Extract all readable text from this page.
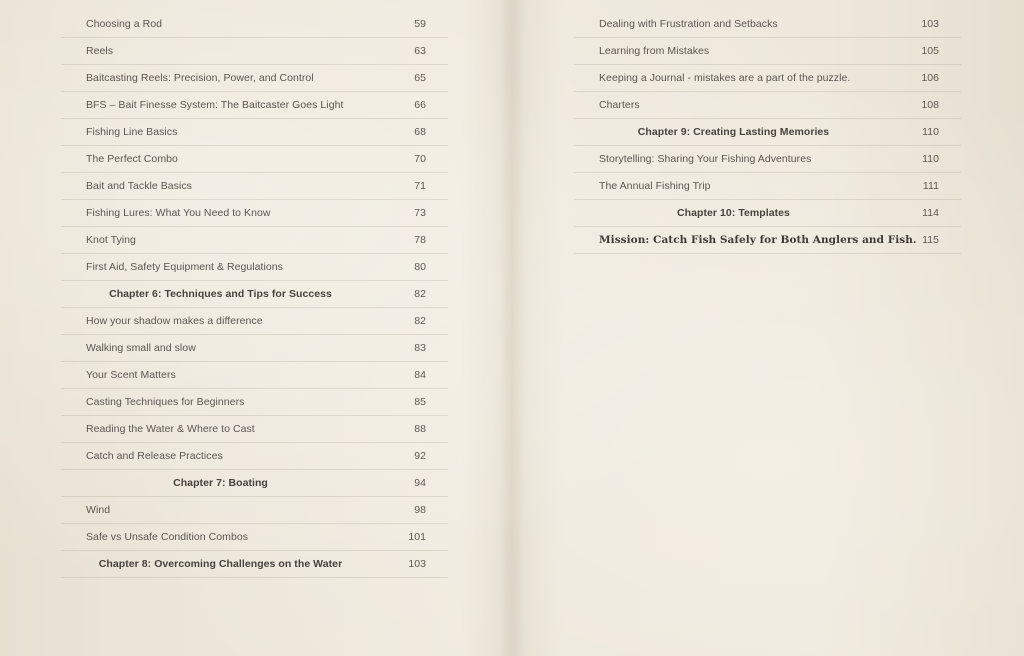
Choosing a Rod	59
Reels	63
Baitcasting Reels: Precision, Power, and Control	65
BFS – Bait Finesse System: The Baitcaster Goes Light	66
Fishing Line Basics	68
The Perfect Combo	70
Bait and Tackle Basics	71
Fishing Lures: What You Need to Know	73
Knot Tying	78
First Aid, Safety Equipment & Regulations	80
Chapter 6: Techniques and Tips for Success	82
How your shadow makes a difference	82
Walking small and slow	83
Your Scent Matters	84
Casting Techniques for Beginners	85
Reading the Water & Where to Cast	88
Catch and Release Practices	92
Chapter 7: Boating	94
Wind	98
Safe vs Unsafe Condition Combos	101
Chapter 8: Overcoming Challenges on the Water	103
Dealing with Frustration and Setbacks	103
Learning from Mistakes	105
Keeping a Journal - mistakes are a part of the puzzle.	106
Charters	108
Chapter 9: Creating Lasting Memories	110
Storytelling: Sharing Your Fishing Adventures	110
The Annual Fishing Trip	111
Chapter 10: Templates	114
Mission: Catch Fish Safely for Both Anglers and Fish. 115
